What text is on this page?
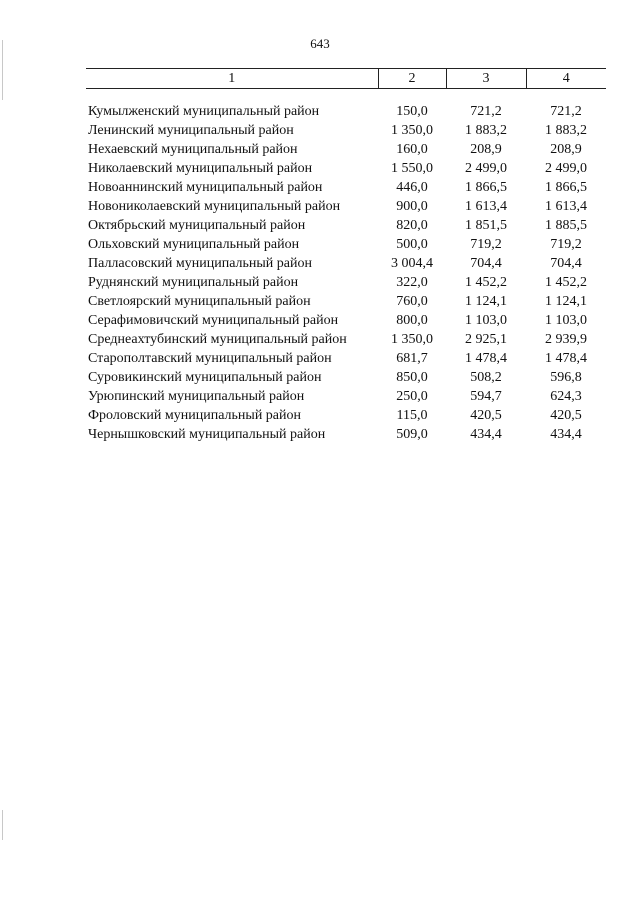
643
1	2	3	4

Кумылженский муниципальный район	150,0	721,2	721,2
Ленинский муниципальный район	1 350,0	1 883,2	1 883,2
Нехаевский муниципальный район	160,0	208,9	208,9
Николаевский муниципальный район	1 550,0	2 499,0	2 499,0
Новоаннинский муниципальный район	446,0	1 866,5	1 866,5
Новониколаевский муниципальный район	900,0	1 613,4	1 613,4
Октябрьский муниципальный район	820,0	1 851,5	1 885,5
Ольховский муниципальный район	500,0	719,2	719,2
Палласовский муниципальный район	3 004,4	704,4	704,4
Руднянский муниципальный район	322,0	1 452,2	1 452,2
Светлоярский муниципальный район	760,0	1 124,1	1 124,1
Серафимовичский муниципальный район	800,0	1 103,0	1 103,0
Среднеахтубинский муниципальный район	1 350,0	2 925,1	2 939,9
Старополтавский муниципальный район	681,7	1 478,4	1 478,4
Суровикинский муниципальный район	850,0	508,2	596,8
Урюпинский муниципальный район	250,0	594,7	624,3
Фроловский муниципальный район	115,0	420,5	420,5
Чернышковский муниципальный район	509,0	434,4	434,4
